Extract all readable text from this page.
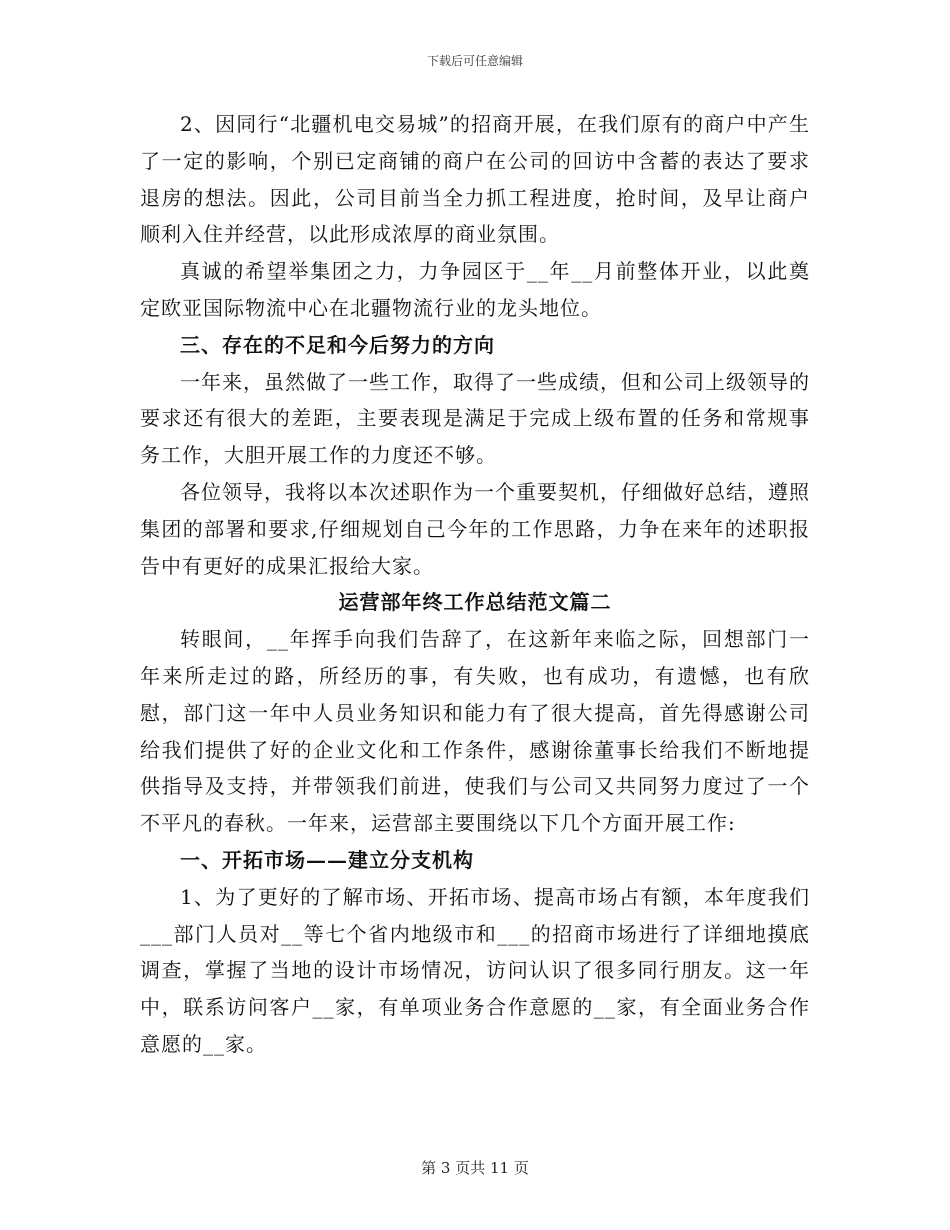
下载后可任意编辑

2、因同行“北疆机电交易城”的招商开展，在我们原有的商户中产生了一定的影响，个别已定商铺的商户在公司的回访中含蓄的表达了要求退房的想法。因此，公司目前当全力抓工程进度，抢时间，及早让商户顺利入住并经营，以此形成浓厚的商业氛围。

真诚的希望举集团之力，力争园区于__年__月前整体开业，以此奠定欧亚国际物流中心在北疆物流行业的龙头地位。

三、存在的不足和今后努力的方向

一年来，虽然做了一些工作，取得了一些成绩，但和公司上级领导的要求还有很大的差距，主要表现是满足于完成上级布置的任务和常规事务工作，大胆开展工作的力度还不够。

各位领导，我将以本次述职作为一个重要契机，仔细做好总结，遵照集团的部署和要求,仔细规划自己今年的工作思路，力争在来年的述职报告中有更好的成果汇报给大家。

运营部年终工作总结范文篇二

转眼间，__年挥手向我们告辞了，在这新年来临之际，回想部门一年来所走过的路，所经历的事，有失败，也有成功，有遗憾，也有欣慰，部门这一年中人员业务知识和能力有了很大提高，首先得感谢公司给我们提供了好的企业文化和工作条件，感谢徐董事长给我们不断地提供指导及支持，并带领我们前进，使我们与公司又共同努力度过了一个不平凡的春秋。一年来，运营部主要围绕以下几个方面开展工作:

一、开拓市场——建立分支机构

1、为了更好的了解市场、开拓市场、提高市场占有额，本年度我们___部门人员对__等七个省内地级市和___的招商市场进行了详细地摸底调查，掌握了当地的设计市场情况，访问认识了很多同行朋友。这一年中，联系访问客户__家，有单项业务合作意愿的__家，有全面业务合作意愿的__家。

第 3 页共 11 页
